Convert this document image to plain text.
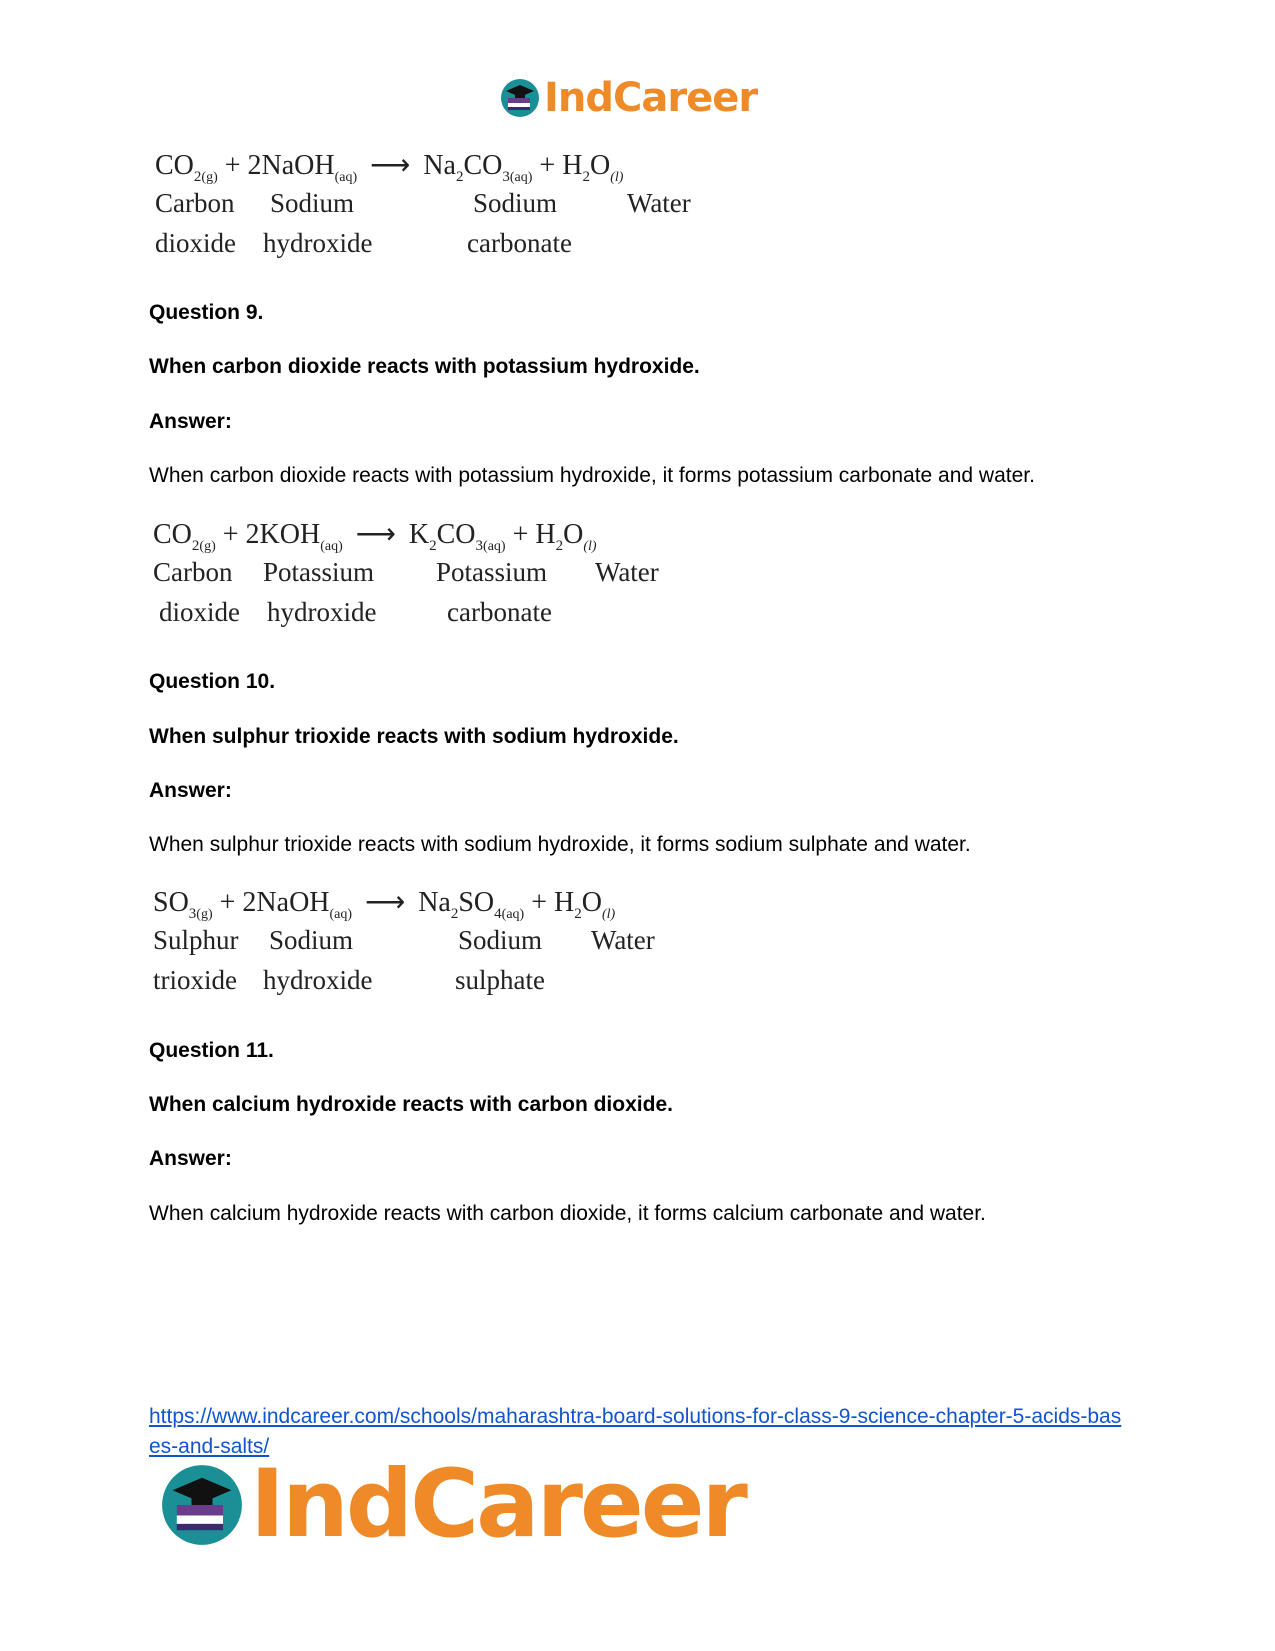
IndCareer
$CO_{2(g)}$ + 2NaOH$_{(aq)}$ ⟶ $Na_2CO_{3(aq)} + H_2O_{(l)}$
Carbon
dioxide
Sodium
hydroxide
Sodium
carbonate
Water
Question 9.
When carbon dioxide reacts with potassium hydroxide.
Answer:
When carbon dioxide reacts with potassium hydroxide, it forms potassium carbonate and water.
$CO_{2(g)} + 2KOH_{(aq)}$ ⟶ $K_2CO_{3(aq)} + H_2O_{(l)}$
Carbon
dioxide
Potassium
hydroxide
Potassium
carbonate
Water
Question 10.
When sulphur trioxide reacts with sodium hydroxide.
Answer:
When sulphur trioxide reacts with sodium hydroxide, it forms sodium sulphate and water.
$SO_{3(g)}$ + 2NaOH$_{(aq)}$ ⟶ $Na_2SO_{4(aq)} + H_2O_{(l)}$
Sulphur
trioxide
Sodium
hydroxide
Sodium
sulphate
Water
Question 11.
When calcium hydroxide reacts with carbon dioxide.
Answer:
When calcium hydroxide reacts with carbon dioxide, it forms calcium carbonate and water.
https://www.indcareer.com/schools/maharashtra-board-solutions-for-class-9-science-chapter-5-acids-bases-and-salts/
IndCareer
